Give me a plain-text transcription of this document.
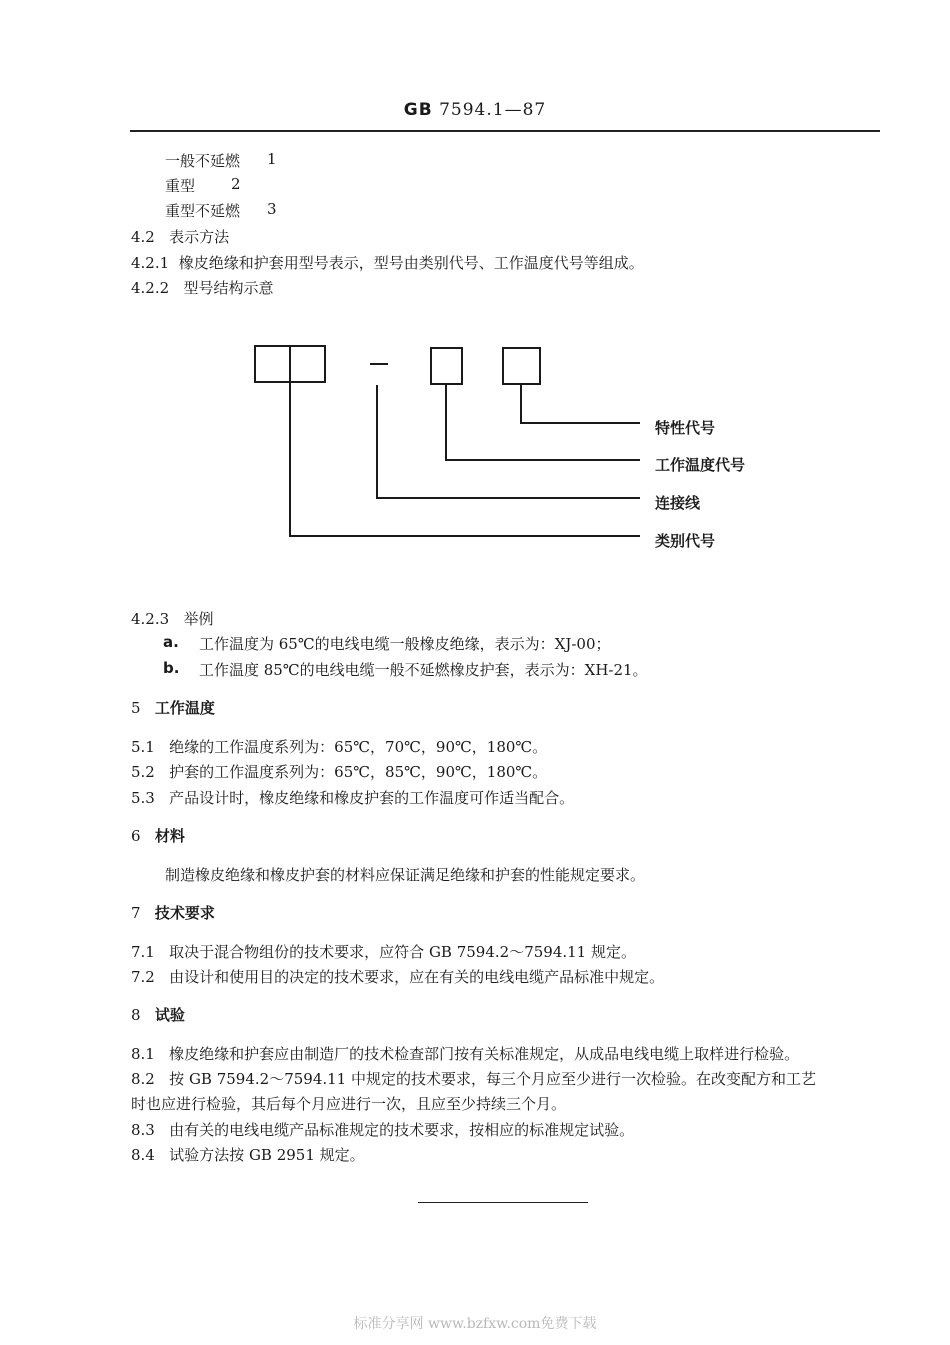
GB 7594.1—87
一般不延燃 1
重型 2
重型不延燃 3
4.2 表示方法
4.2.1 橡皮绝缘和护套用型号表示，型号由类别代号、工作温度代号等组成。
4.2.2 型号结构示意
特性代号
工作温度代号
连接线
类别代号
4.2.3 举例
a. 工作温度为 65℃的电线电缆一般橡皮绝缘，表示为：XJ-00；
b. 工作温度 85℃的电线电缆一般不延燃橡皮护套，表示为：XH-21。
5 工作温度
5.1 绝缘的工作温度系列为：65℃，70℃，90℃，180℃。
5.2 护套的工作温度系列为：65℃，85℃，90℃，180℃。
5.3 产品设计时，橡皮绝缘和橡皮护套的工作温度可作适当配合。
6 材料
制造橡皮绝缘和橡皮护套的材料应保证满足绝缘和护套的性能规定要求。
7 技术要求
7.1 取决于混合物组份的技术要求，应符合 GB 7594.2～7594.11 规定。
7.2 由设计和使用目的决定的技术要求，应在有关的电线电缆产品标准中规定。
8 试验
8.1 橡皮绝缘和护套应由制造厂的技术检查部门按有关标准规定，从成品电线电缆上取样进行检验。
8.2 按 GB 7594.2～7594.11 中规定的技术要求，每三个月应至少进行一次检验。在改变配方和工艺
时也应进行检验，其后每个月应进行一次，且应至少持续三个月。
8.3 由有关的电线电缆产品标准规定的技术要求，按相应的标准规定试验。
8.4 试验方法按 GB 2951 规定。
标准分享网 www.bzfxw.com免费下载
